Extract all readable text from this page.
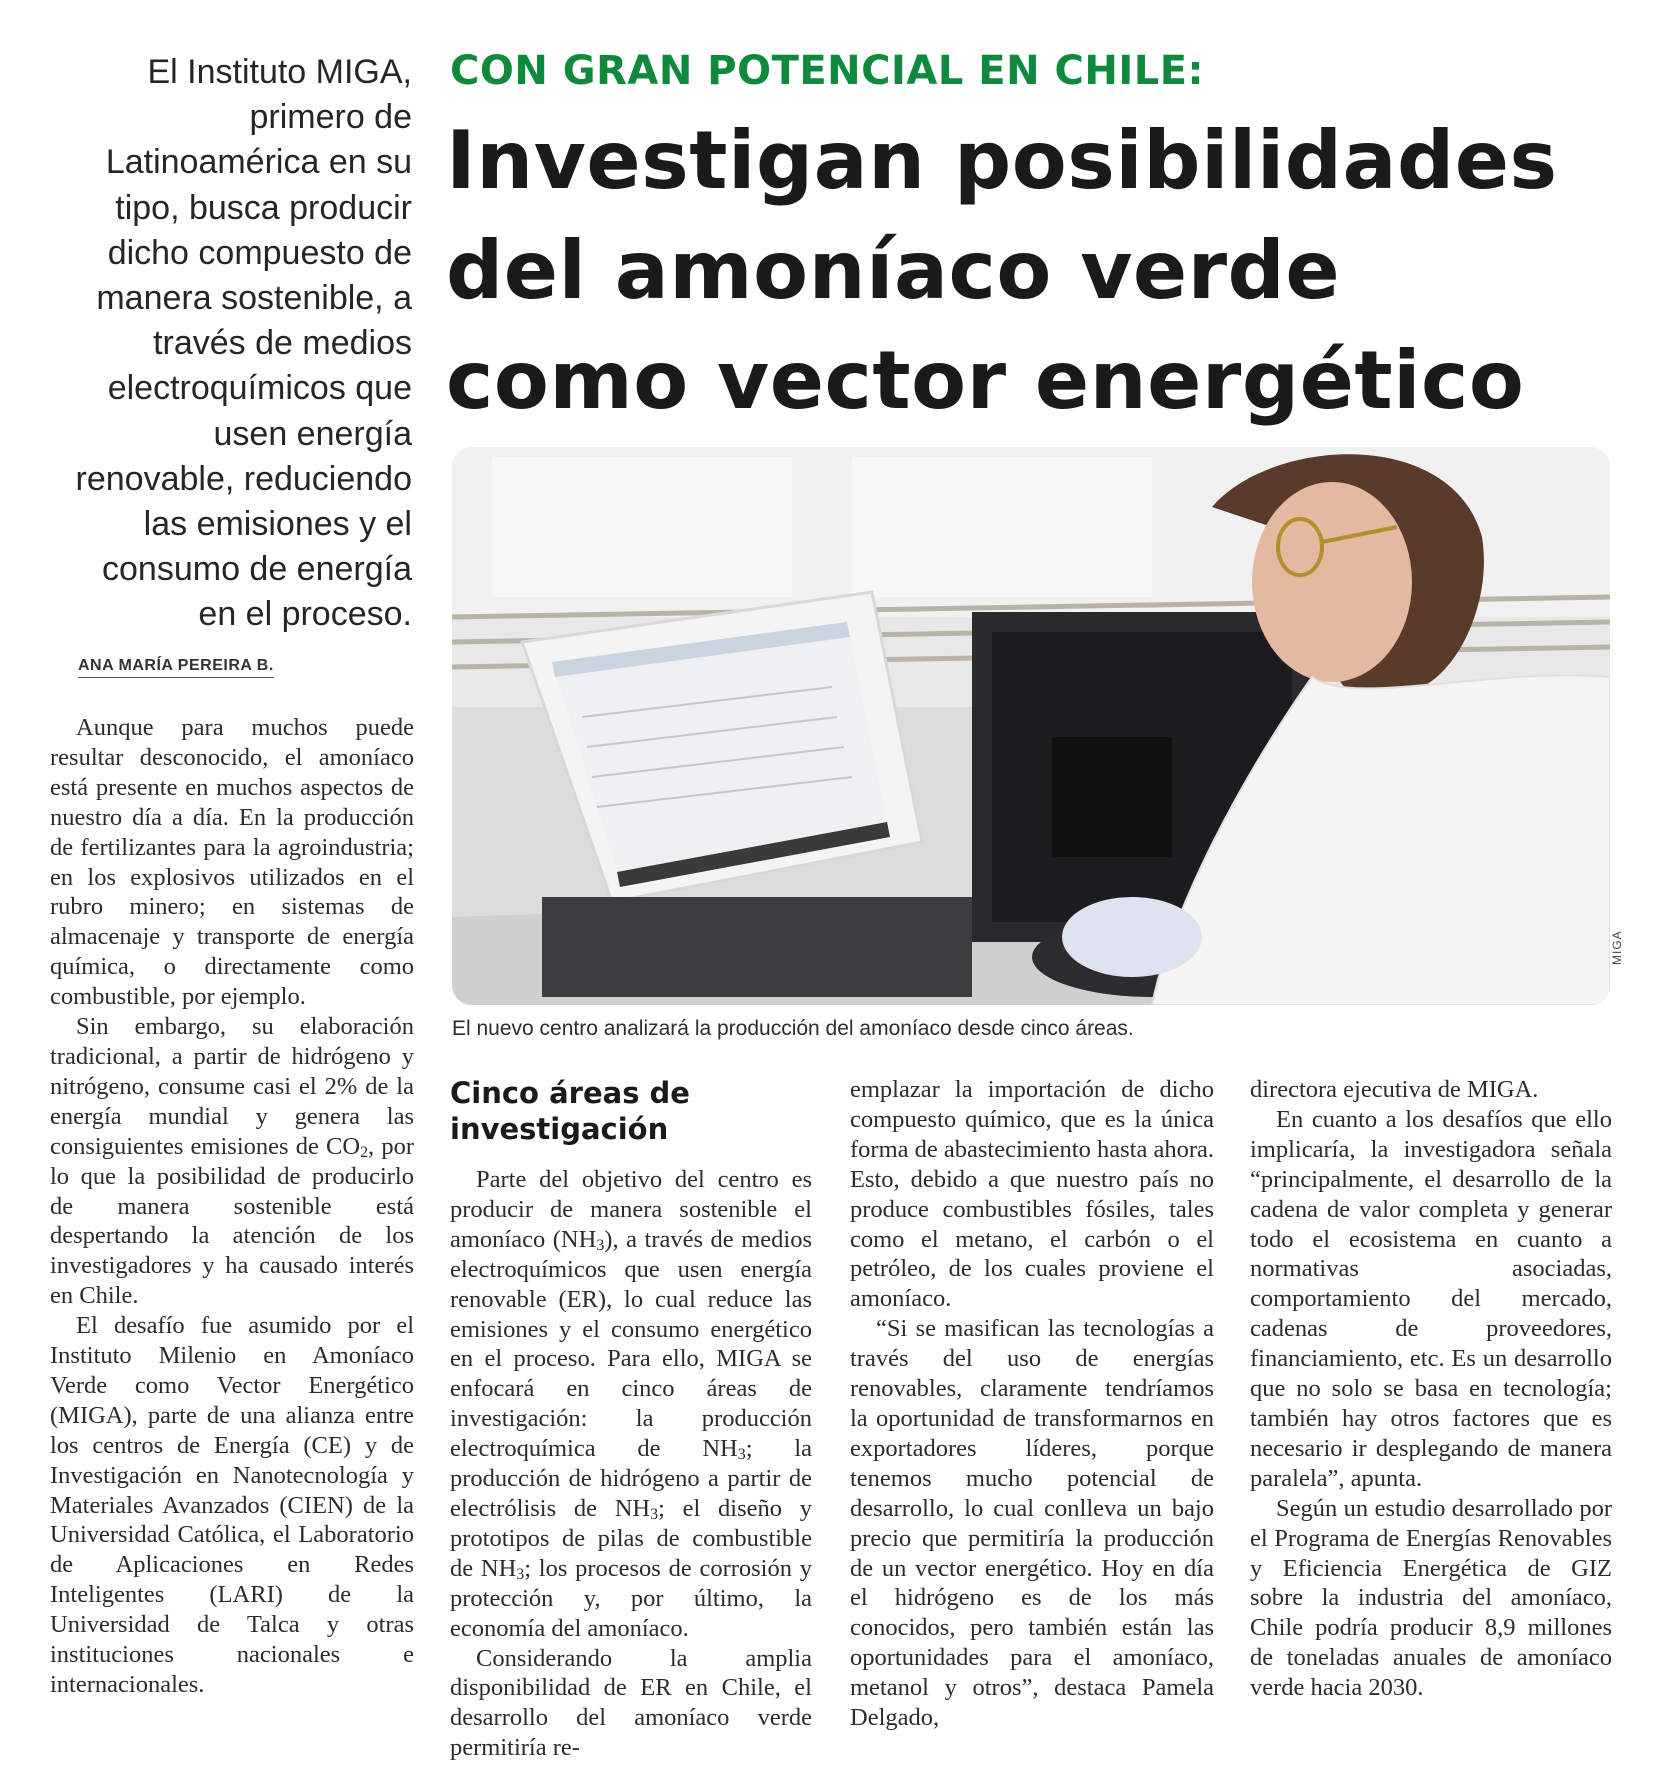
CON GRAN POTENCIAL EN CHILE:
Investigan posibilidades
del amoníaco verde
como vector energético
El Instituto MIGA,
primero de
Latinoamérica en su
tipo, busca producir
dicho compuesto de
manera sostenible, a
través de medios
electroquímicos que
usen energía
renovable, reduciendo
las emisiones y el
consumo de energía
en el proceso.
ANA MARÍA PEREIRA B.

Aunque para muchos puede resultar desconocido, el amoníaco está presente en muchos aspectos de nuestro día a día. En la producción de fertilizantes para la agroindustria; en los explosivos utilizados en el rubro minero; en sistemas de almacenaje y transporte de energía química, o directamente como combustible, por ejemplo.

Sin embargo, su elaboración tradicional, a partir de hidrógeno y nitrógeno, consume casi el 2% de la energía mundial y genera las consiguientes emisiones de $CO_2$, por lo que la posibilidad de producirlo de manera sostenible está despertando la atención de los investigadores y ha causado interés en Chile.

El desafío fue asumido por el Instituto Milenio en Amoníaco Verde como Vector Energético (MIGA), parte de una alianza entre los centros de Energía (CE) y de Investigación en Nanotecnología y Materiales Avanzados (CIEN) de la Universidad Católica, el Laboratorio de Aplicaciones en Redes Inteligentes (LARI) de la Universidad de Talca y otras instituciones nacionales e internacionales.

MIGA
El nuevo centro analizará la producción del amoníaco desde cinco áreas.
Cinco áreas de investigación

Parte del objetivo del centro es producir de manera sostenible el amoníaco $(NH_3)$, a través de medios electroquímicos que usen energía renovable (ER), lo cual reduce las emisiones y el consumo energético en el proceso. Para ello, MIGA se enfocará en cinco áreas de investigación: la producción electroquímica de $NH_3$; la producción de hidrógeno a partir de electrólisis de $NH_3$; el diseño y prototipos de pilas de combustible de $NH_3$; los procesos de corrosión y protección y, por último, la economía del amoníaco.

Considerando la amplia disponibilidad de ER en Chile, el desarrollo del amoníaco verde permitiría re-

emplazar la importación de dicho compuesto químico, que es la única forma de abastecimiento hasta ahora. Esto, debido a que nuestro país no produce combustibles fósiles, tales como el metano, el carbón o el petróleo, de los cuales proviene el amoníaco.

“Si se masifican las tecnologías a través del uso de energías renovables, claramente tendríamos la oportunidad de transformarnos en exportadores líderes, porque tenemos mucho potencial de desarrollo, lo cual conlleva un bajo precio que permitiría la producción de un vector energético. Hoy en día el hidrógeno es de los más conocidos, pero también están las oportunidades para el amoníaco, metanol y otros”, destaca Pamela Delgado,

directora ejecutiva de MIGA.

En cuanto a los desafíos que ello implicaría, la investigadora señala “principalmente, el desarrollo de la cadena de valor completa y generar todo el ecosistema en cuanto a normativas asociadas, comportamiento del mercado, cadenas de proveedores, financiamiento, etc. Es un desarrollo que no solo se basa en tecnología; también hay otros factores que es necesario ir desplegando de manera paralela”, apunta.

Según un estudio desarrollado por el Programa de Energías Renovables y Eficiencia Energética de GIZ sobre la industria del amoníaco, Chile podría producir 8,9 millones de toneladas anuales de amoníaco verde hacia 2030.
